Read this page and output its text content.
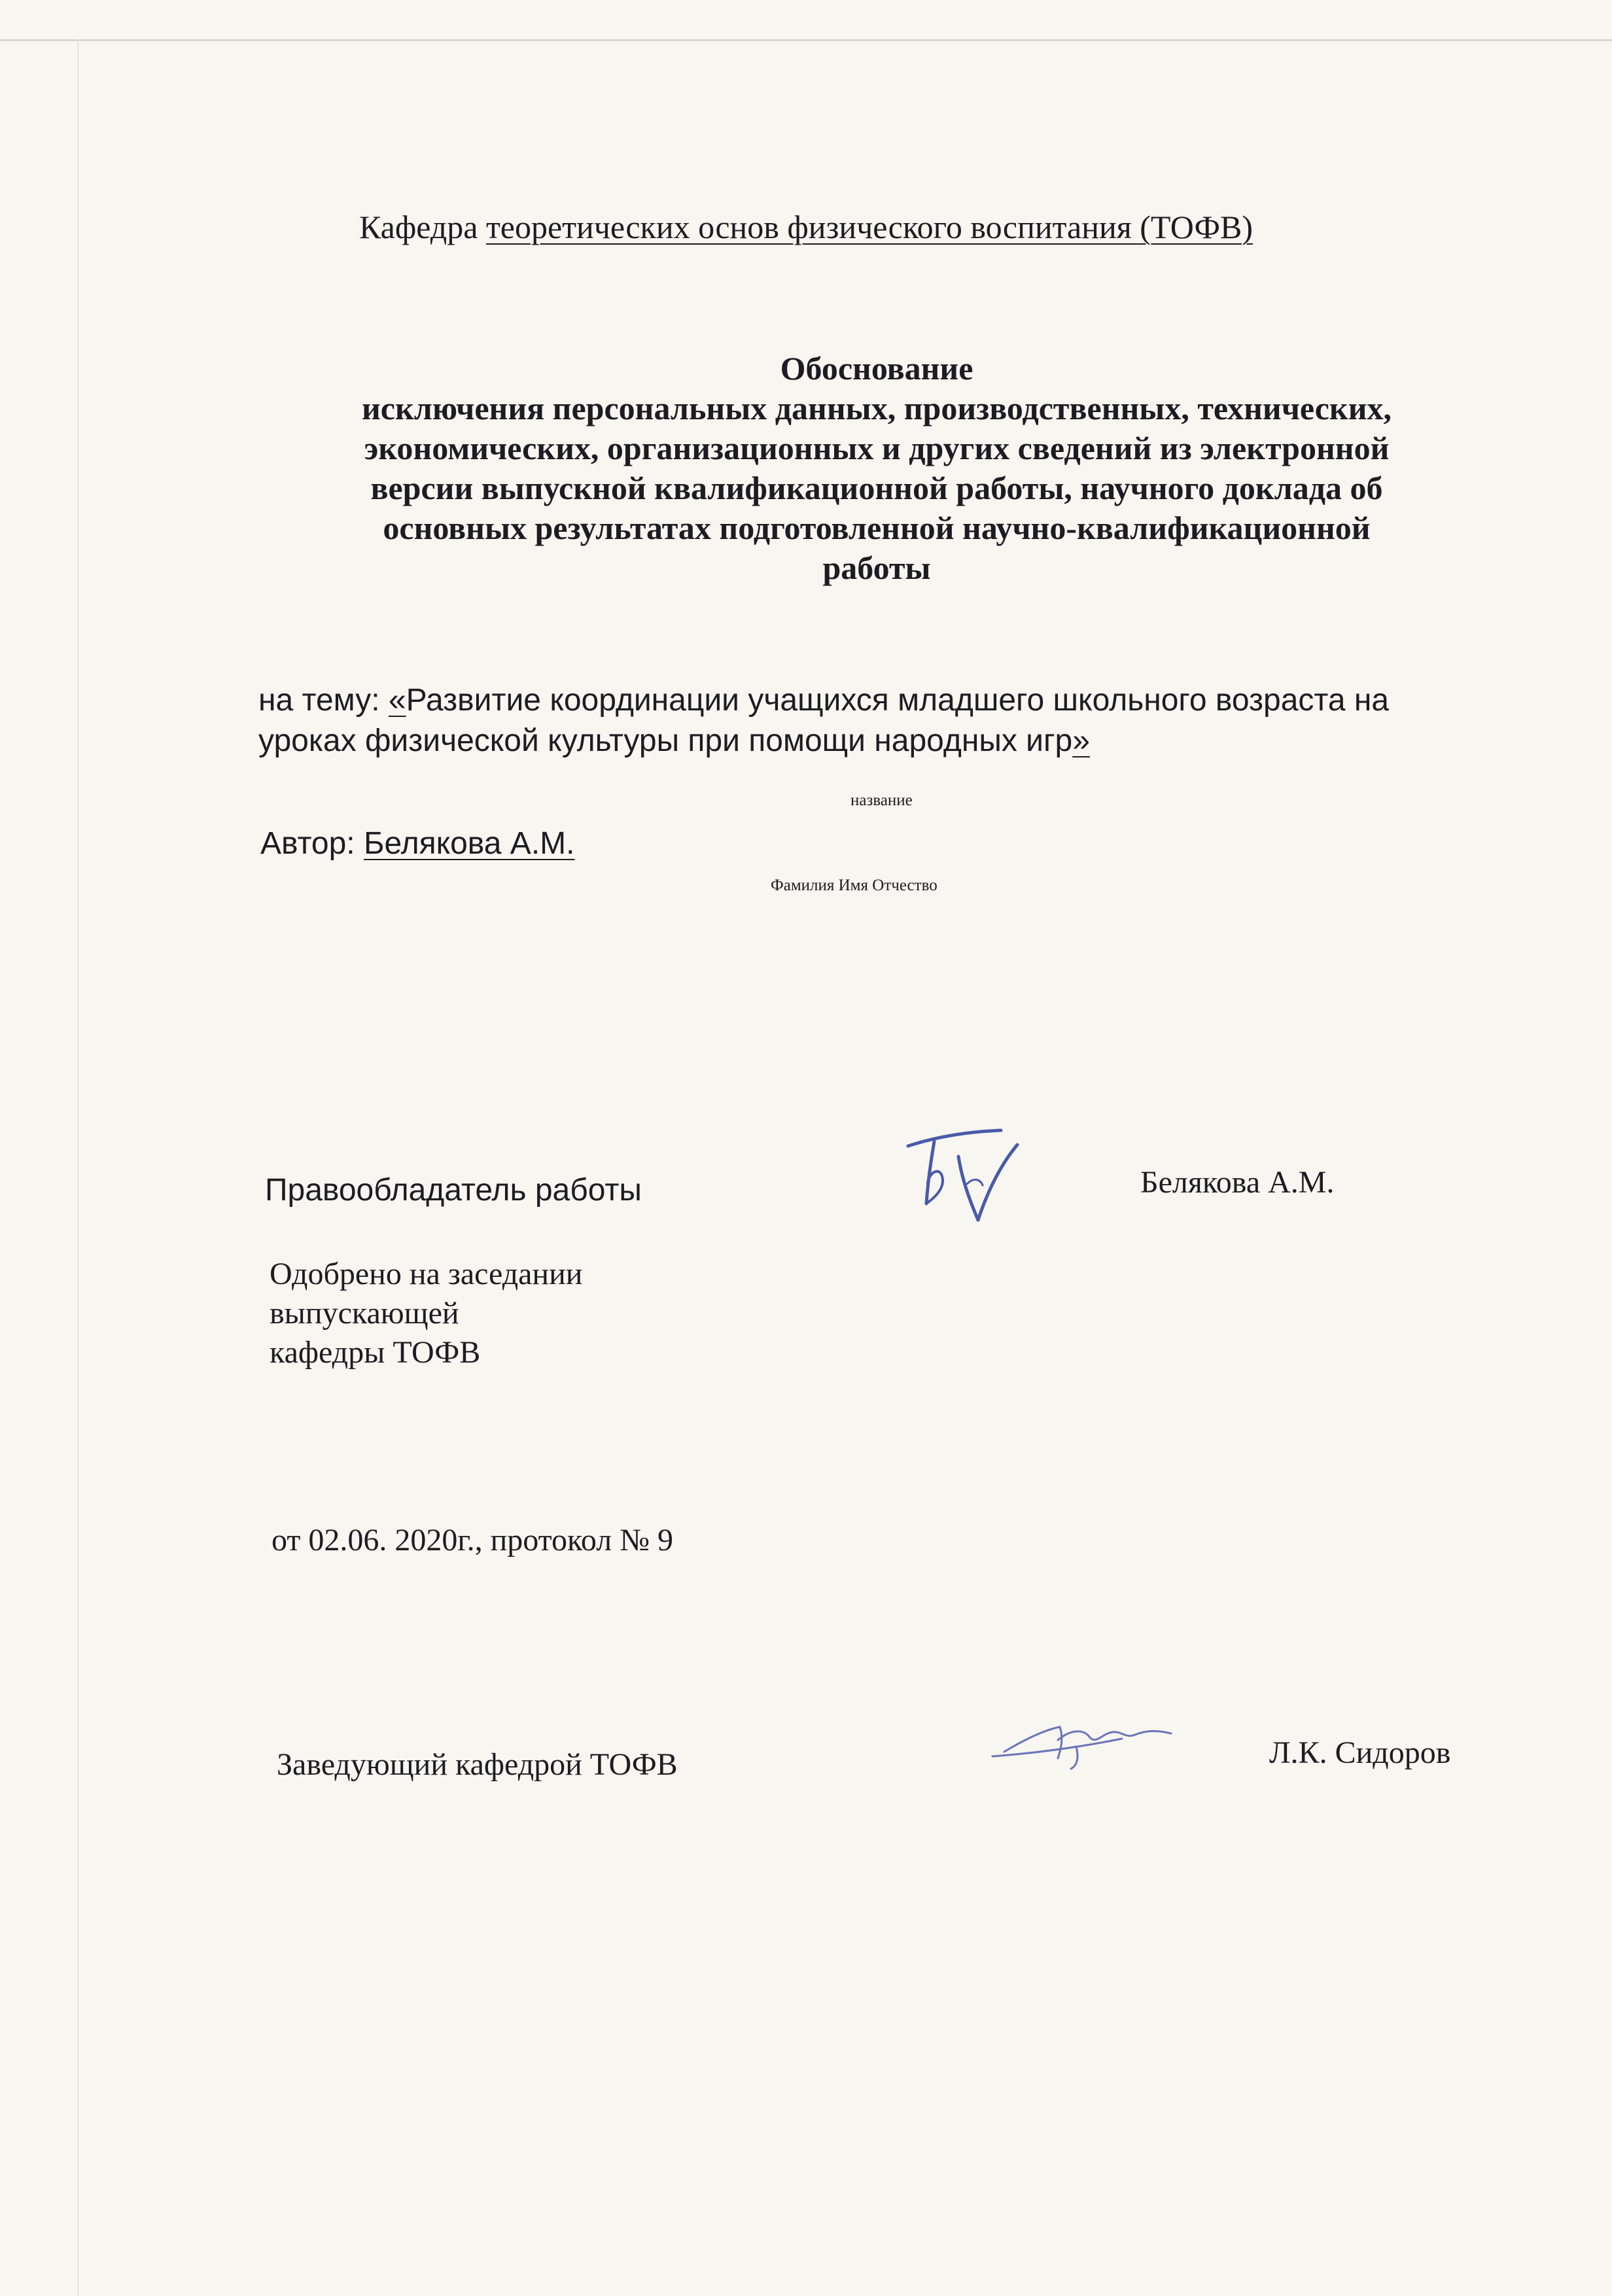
Кафедра теоретических основ физического воспитания (ТОФВ)
Обоснование
исключения персональных данных, производственных, технических,
экономических, организационных и других сведений из электронной
версии выпускной квалификационной работы, научного доклада об
основных результатах подготовленной научно-квалификационной
работы
на тему: «Развитие координации учащихся младшего школьного возраста на
уроках физической культуры при помощи народных игр»
название
Автор: Белякова А.М.
Фамилия Имя Отчество
Правообладатель работы	Белякова А.М.
Одобрено на заседании
выпускающей
кафедры ТОФВ
от 02.06. 2020г., протокол № 9
Заведующий кафедрой ТОФВ	Л.К. Сидоров
